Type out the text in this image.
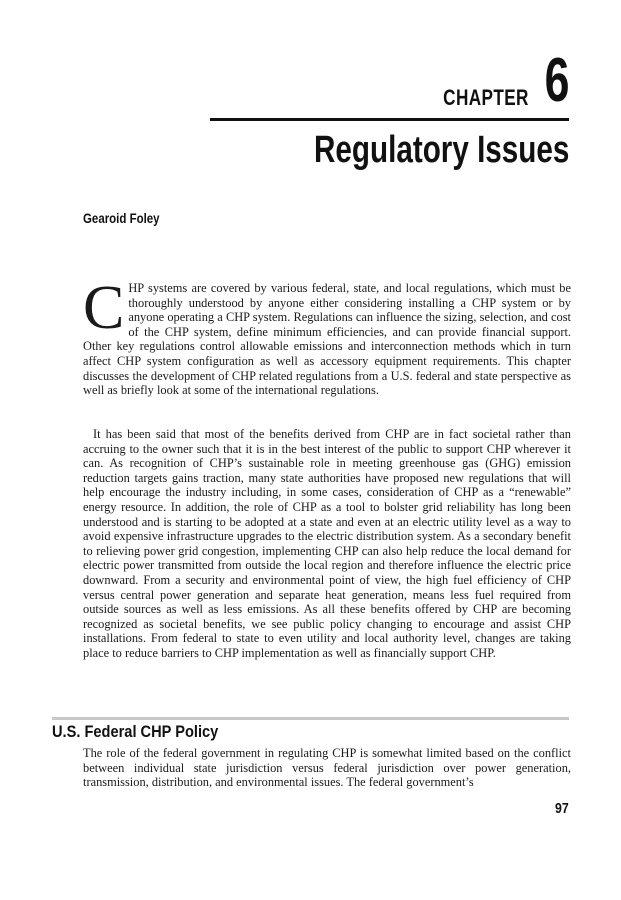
CHAPTER 6
Regulatory Issues
Gearoid Foley
CHP systems are covered by various federal, state, and local regulations, which must be thoroughly understood by anyone either considering installing a CHP system or by anyone operating a CHP system. Regulations can influence the sizing, selection, and cost of the CHP system, define minimum efficiencies, and can provide financial support. Other key regulations control allowable emissions and interconnection methods which in turn affect CHP system configuration as well as accessory equipment requirements. This chapter discusses the development of CHP related regulations from a U.S. federal and state perspective as well as briefly look at some of the international regulations.
It has been said that most of the benefits derived from CHP are in fact societal rather than accruing to the owner such that it is in the best interest of the public to support CHP wherever it can. As recognition of CHP’s sustainable role in meeting greenhouse gas (GHG) emission reduction targets gains traction, many state authorities have proposed new regulations that will help encourage the industry including, in some cases, consideration of CHP as a “renewable” energy resource. In addition, the role of CHP as a tool to bolster grid reliability has long been understood and is starting to be adopted at a state and even at an electric utility level as a way to avoid expensive infrastructure upgrades to the electric distribution system. As a secondary benefit to relieving power grid congestion, implementing CHP can also help reduce the local demand for electric power transmitted from outside the local region and therefore influence the electric price downward. From a security and environmental point of view, the high fuel efficiency of CHP versus central power generation and separate heat generation, means less fuel required from outside sources as well as less emissions. As all these benefits offered by CHP are becoming recognized as societal benefits, we see public policy changing to encourage and assist CHP installations. From federal to state to even utility and local authority level, changes are taking place to reduce barriers to CHP implementation as well as financially support CHP.
U.S. Federal CHP Policy
The role of the federal government in regulating CHP is somewhat limited based on the conflict between individual state jurisdiction versus federal jurisdiction over power generation, transmission, distribution, and environmental issues. The federal government’s
97
